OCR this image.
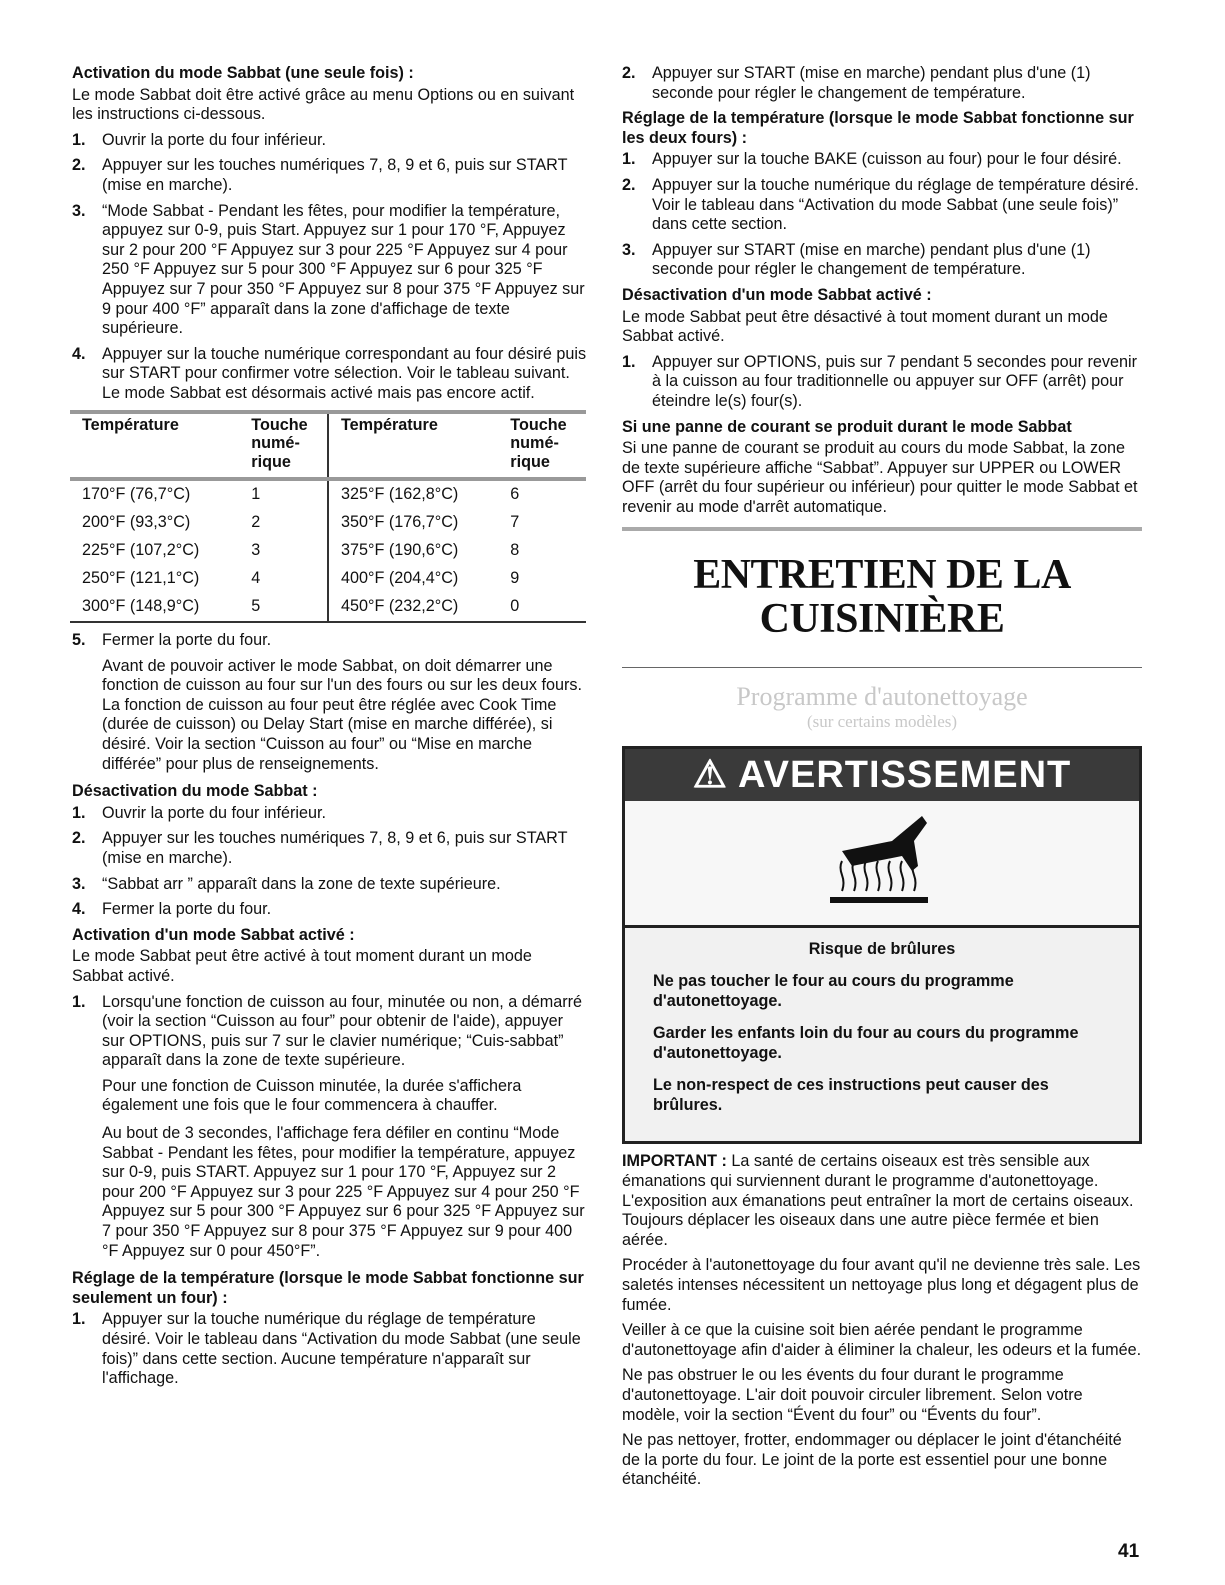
Activation du mode Sabbat (une seule fois) :

Le mode Sabbat doit être activé grâce au menu Options ou en suivant les instructions ci-dessous.

1.	Ouvrir la porte du four inférieur.
2.	Appuyer sur les touches numériques 7, 8, 9 et 6, puis sur START (mise en marche).
3.	“Mode Sabbat - Pendant les fêtes, pour modifier la température, appuyez sur 0-9, puis Start. Appuyez sur 1 pour 170 °F, Appuyez sur 2 pour 200 °F Appuyez sur 3 pour 225 °F Appuyez sur 4 pour 250 °F Appuyez sur 5 pour 300 °F Appuyez sur 6 pour 325 °F Appuyez sur 7 pour 350 °F Appuyez sur 8 pour 375 °F Appuyez sur 9 pour 400 °F” apparaît dans la zone d'affichage de texte supérieure.
4.	Appuyer sur la touche numérique correspondant au four désiré puis sur START pour confirmer votre sélection. Voir le tableau suivant. Le mode Sabbat est désormais activé mais pas encore actif.
Température	Touche numé-rique	Température	Touche numé-rique
170°F (76,7°C)	1	325°F (162,8°C)	6
200°F (93,3°C)	2	350°F (176,7°C)	7
225°F (107,2°C)	3	375°F (190,6°C)	8
250°F (121,1°C)	4	400°F (204,4°C)	9
300°F (148,9°C)	5	450°F (232,2°C)	0
5.	Fermer la porte du four.
Avant de pouvoir activer le mode Sabbat, on doit démarrer une fonction de cuisson au four sur l'un des fours ou sur les deux fours. La fonction de cuisson au four peut être réglée avec Cook Time (durée de cuisson) ou Delay Start (mise en marche différée), si désiré. Voir la section “Cuisson au four” ou “Mise en marche différée” pour plus de renseignements.
Désactivation du mode Sabbat :
1.	Ouvrir la porte du four inférieur.
2.	Appuyer sur les touches numériques 7, 8, 9 et 6, puis sur START (mise en marche).
3.	“Sabbat arr ” apparaît dans la zone de texte supérieure.
4.	Fermer la porte du four.
Activation d'un mode Sabbat activé :

Le mode Sabbat peut être activé à tout moment durant un mode Sabbat activé.

1.	Lorsqu'une fonction de cuisson au four, minutée ou non, a démarré (voir la section “Cuisson au four” pour obtenir de l'aide), appuyer sur OPTIONS, puis sur 7 sur le clavier numérique; “Cuis-sabbat” apparaît dans la zone de texte supérieure.
Pour une fonction de Cuisson minutée, la durée s'affichera également une fois que le four commencera à chauffer.
Au bout de 3 secondes, l'affichage fera défiler en continu “Mode Sabbat - Pendant les fêtes, pour modifier la température, appuyez sur 0-9, puis START. Appuyez sur 1 pour 170 °F, Appuyez sur 2 pour 200 °F Appuyez sur 3 pour 225 °F Appuyez sur 4 pour 250 °F Appuyez sur 5 pour 300 °F Appuyez sur 6 pour 325 °F Appuyez sur 7 pour 350 °F Appuyez sur 8 pour 375 °F Appuyez sur 9 pour 400 °F Appuyez sur 0 pour 450°F”.
Réglage de la température (lorsque le mode Sabbat fonctionne sur seulement un four) :
1.	Appuyer sur la touche numérique du réglage de température désiré. Voir le tableau dans “Activation du mode Sabbat (une seule fois)” dans cette section. Aucune température n'apparaît sur l'affichage.
2.	Appuyer sur START (mise en marche) pendant plus d'une (1) seconde pour régler le changement de température.
Réglage de la température (lorsque le mode Sabbat fonctionne sur les deux fours) :
1.	Appuyer sur la touche BAKE (cuisson au four) pour le four désiré.
2.	Appuyer sur la touche numérique du réglage de température désiré. Voir le tableau dans “Activation du mode Sabbat (une seule fois)” dans cette section.
3.	Appuyer sur START (mise en marche) pendant plus d'une (1) seconde pour régler le changement de température.
Désactivation d'un mode Sabbat activé :

Le mode Sabbat peut être désactivé à tout moment durant un mode Sabbat activé.

1.	Appuyer sur OPTIONS, puis sur 7 pendant 5 secondes pour revenir à la cuisson au four traditionnelle ou appuyer sur OFF (arrêt) pour éteindre le(s) four(s).
Si une panne de courant se produit durant le mode Sabbat

Si une panne de courant se produit au cours du mode Sabbat, la zone de texte supérieure affiche “Sabbat”. Appuyer sur UPPER ou LOWER OFF (arrêt du four supérieur ou inférieur) pour quitter le mode Sabbat et revenir au mode d'arrêt automatique.

ENTRETIEN DE LA
CUISINIÈRE
Programme d'autonettoyage
(sur certains modèles)
⚠ AVERTISSEMENT
Risque de brûlures
Ne pas toucher le four au cours du programme d'autonettoyage.
Garder les enfants loin du four au cours du programme d'autonettoyage.
Le non-respect de ces instructions peut causer des brûlures.

IMPORTANT : La santé de certains oiseaux est très sensible aux émanations qui surviennent durant le programme d'autonettoyage. L'exposition aux émanations peut entraîner la mort de certains oiseaux. Toujours déplacer les oiseaux dans une autre pièce fermée et bien aérée.

Procéder à l'autonettoyage du four avant qu'il ne devienne très sale. Les saletés intenses nécessitent un nettoyage plus long et dégagent plus de fumée.

Veiller à ce que la cuisine soit bien aérée pendant le programme d'autonettoyage afin d'aider à éliminer la chaleur, les odeurs et la fumée.

Ne pas obstruer le ou les évents du four durant le programme d'autonettoyage. L'air doit pouvoir circuler librement. Selon votre modèle, voir la section “Évent du four” ou “Évents du four”.

Ne pas nettoyer, frotter, endommager ou déplacer le joint d'étanchéité de la porte du four. Le joint de la porte est essentiel pour une bonne étanchéité.

41
